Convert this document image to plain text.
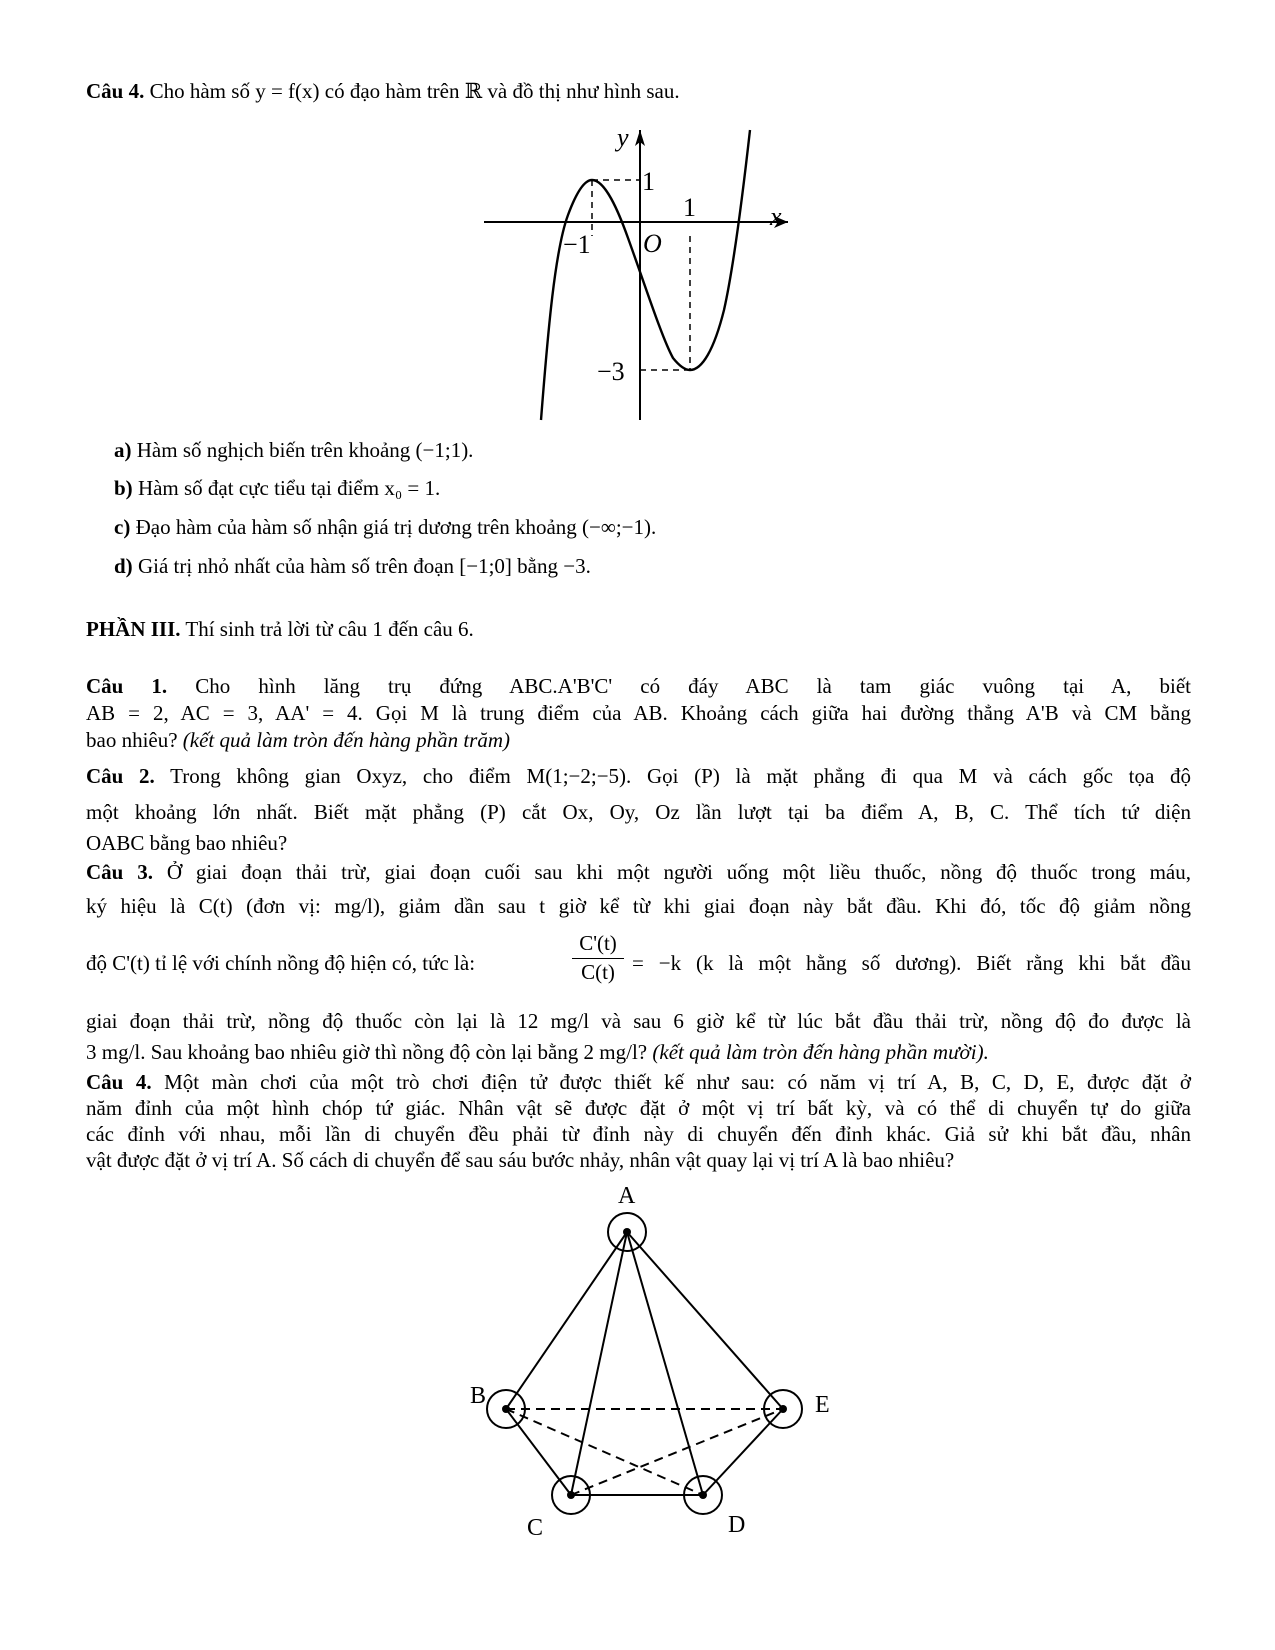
Câu 4. Cho hàm số y = f(x) có đạo hàm trên ℝ và đồ thị như hình sau.
y
x
O
1
−1
1
−3
a) Hàm số nghịch biến trên khoảng (−1;1).
b) Hàm số đạt cực tiểu tại điểm x₀ = 1.
c) Đạo hàm của hàm số nhận giá trị dương trên khoảng (−∞;−1).
d) Giá trị nhỏ nhất của hàm số trên đoạn [−1;0] bằng −3.
PHẦN III. Thí sinh trả lời từ câu 1 đến câu 6.
Câu 1. Cho hình lăng trụ đứng ABC.A'B'C' có đáy ABC là tam giác vuông tại A, biết
AB = 2, AC = 3, AA' = 4. Gọi M là trung điểm của AB. Khoảng cách giữa hai đường thẳng A'B và CM bằng
bao nhiêu? (kết quả làm tròn đến hàng phần trăm)
Câu 2. Trong không gian Oxyz, cho điểm M(1;−2;−5). Gọi (P) là mặt phẳng đi qua M và cách gốc tọa độ
một khoảng lớn nhất. Biết mặt phẳng (P) cắt Ox, Oy, Oz lần lượt tại ba điểm A, B, C. Thể tích tứ diện
OABC bằng bao nhiêu?
Câu 3. Ở giai đoạn thải trừ, giai đoạn cuối sau khi một người uống một liều thuốc, nồng độ thuốc trong máu,
ký hiệu là C(t) (đơn vị: mg/l), giảm dần sau t giờ kể từ khi giai đoạn này bắt đầu. Khi đó, tốc độ giảm nồng
độ C'(t) tỉ lệ với chính nồng độ hiện có, tức là:
C'(t)
C(t) = −k (k là một hằng số dương). Biết rằng khi bắt đầu
giai đoạn thải trừ, nồng độ thuốc còn lại là 12 mg/l và sau 6 giờ kể từ lúc bắt đầu thải trừ, nồng độ đo được là
3 mg/l. Sau khoảng bao nhiêu giờ thì nồng độ còn lại bằng 2 mg/l? (kết quả làm tròn đến hàng phần mười).
Câu 4. Một màn chơi của một trò chơi điện tử được thiết kế như sau: có năm vị trí A, B, C, D, E, được đặt ở
năm đỉnh của một hình chóp tứ giác. Nhân vật sẽ được đặt ở một vị trí bất kỳ, và có thể di chuyển tự do giữa
các đỉnh với nhau, mỗi lần di chuyển đều phải từ đỉnh này di chuyển đến đỉnh khác. Giả sử khi bắt đầu, nhân
vật được đặt ở vị trí A. Số cách di chuyển để sau sáu bước nhảy, nhân vật quay lại vị trí A là bao nhiêu?
A
B
C	D
E
